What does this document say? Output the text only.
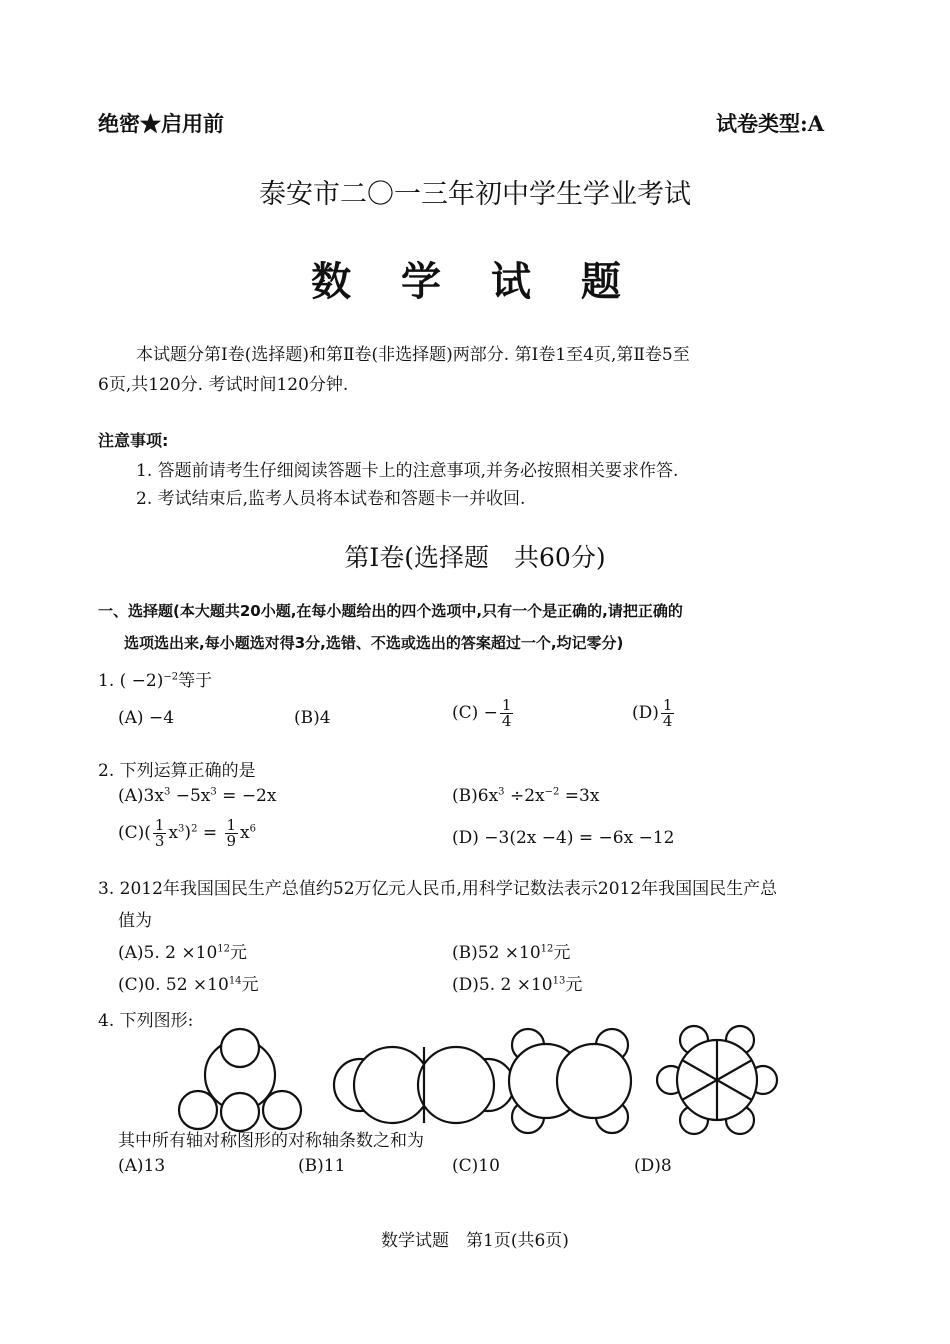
绝密★启用前	试卷类型:A
泰安市二〇一三年初中学生学业考试
数 学 试 题
本试题分第Ⅰ卷(选择题)和第Ⅱ卷(非选择题)两部分. 第Ⅰ卷1至4页,第Ⅱ卷5至
6页,共120分. 考试时间120分钟.
注意事项:
1. 答题前请考生仔细阅读答题卡上的注意事项,并务必按照相关要求作答.
2. 考试结束后,监考人员将本试卷和答题卡一并收回.
第Ⅰ卷(选择题　共60分)
一、选择题(本大题共20小题,在每小题给出的四个选项中,只有一个是正确的,请把正确的
选项选出来,每小题选对得3分,选错、不选或选出的答案超过一个,均记零分)
1. ( −2)$^{-2}$等于
(A) −4	(B)4	$(C) - \frac{1}{4}$	$(D) \frac{1}{4}$
2. 下列运算正确的是
$(A)3x^3 -5x^3 = -2x$	$(B)6x^3 \div 2x^{-2} =3x$
$(C)( \frac{1}{3} x^3)^2 = \frac{1}{9} x^6$	(D) −3(2x −4) = −6x −12
3. 2012年我国国民生产总值约52万亿元人民币,用科学记数法表示2012年我国国民生产总
值为
(A)5. $2 \times 10^{12}$元	$(B)52 \times 10^{12}$元
(C)0. $52 \times 10^{14}$元	(D)5. $2 \times 10^{13}$元
4. 下列图形:
其中所有轴对称图形的对称轴条数之和为
(A)13	(B)11	(C)10	(D)8
数学试题　第1页(共6页)
